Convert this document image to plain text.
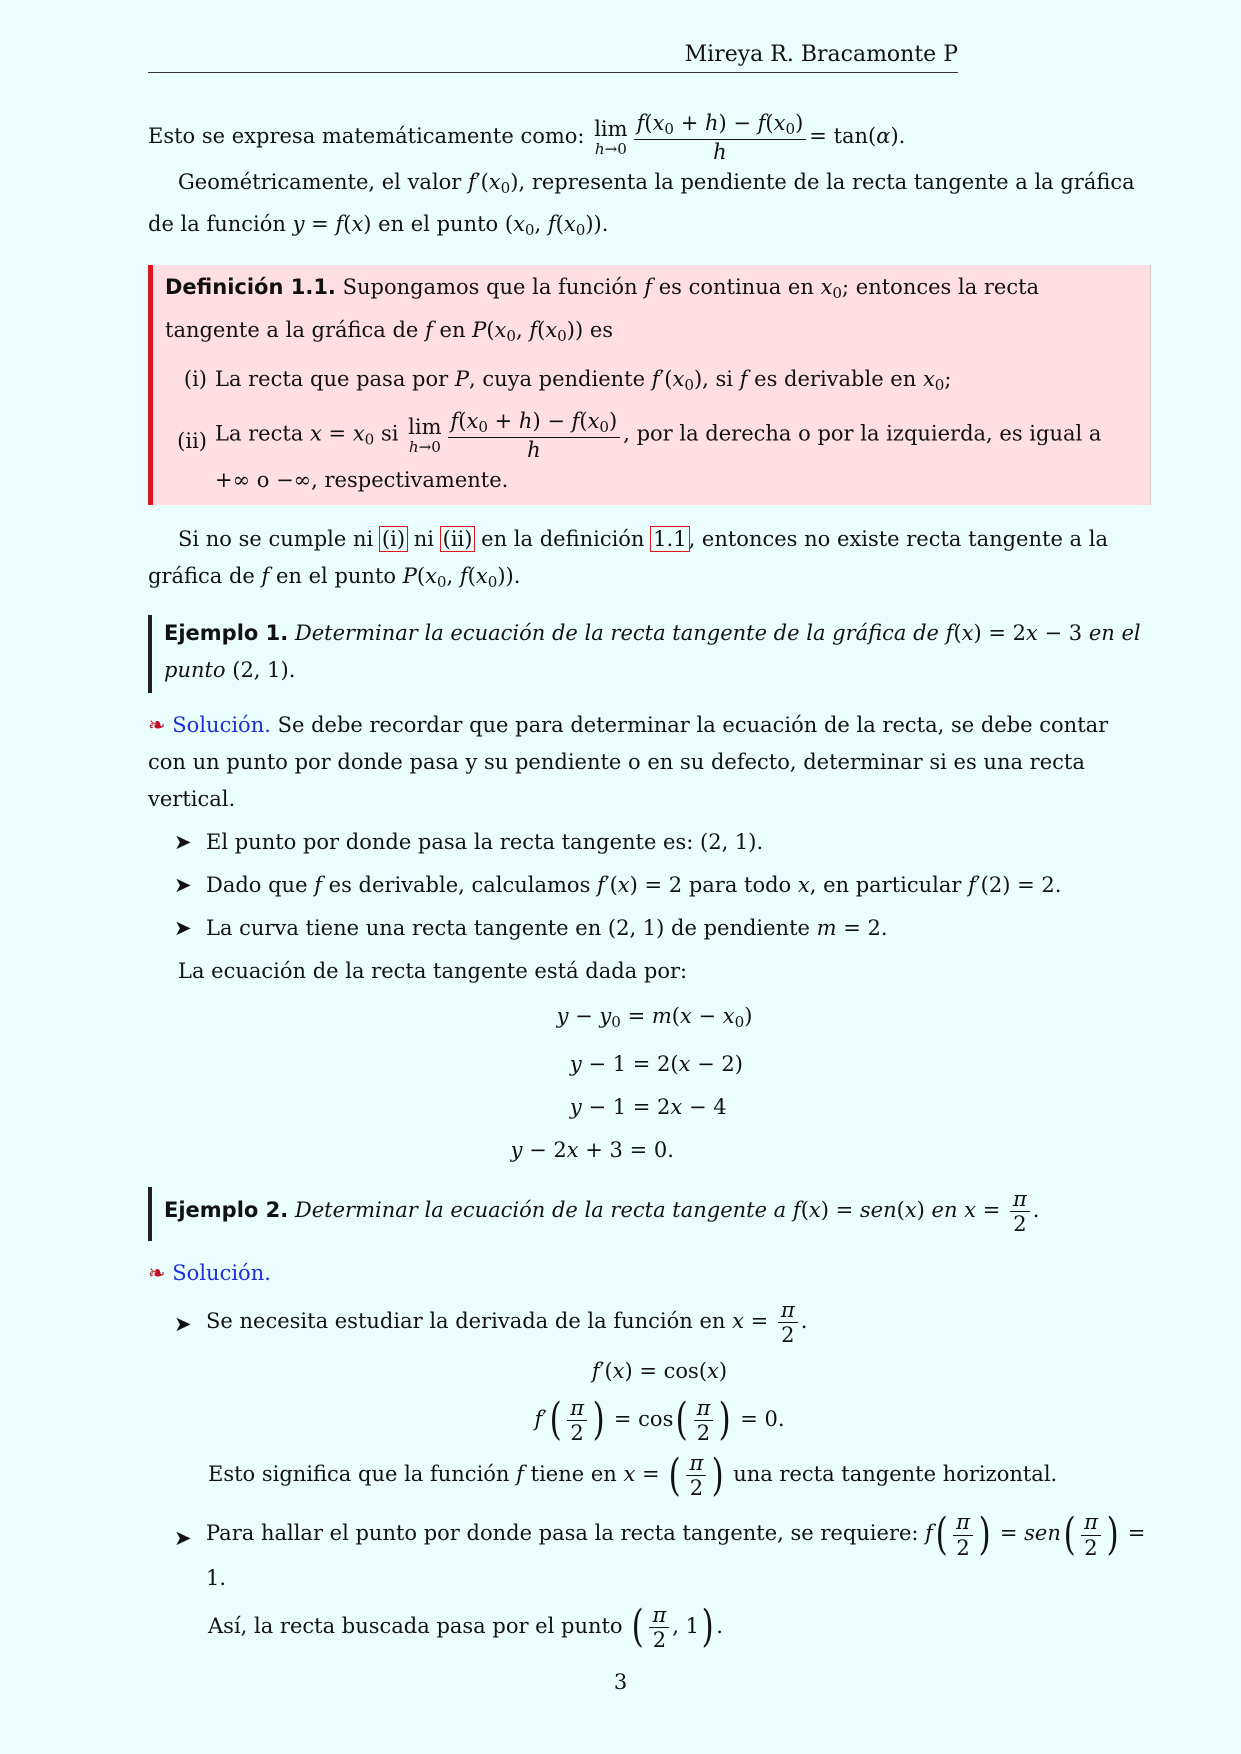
Mireya R. Bracamonte P

Esto se expresa matemáticamente como: lim
$h\to 0 \frac{f(x_0 + h) - f(x_0)}{h} = \tan(\alpha)$.

Geométricamente, el valor $f'(x_0)$, representa la pendiente de la recta tangente a la gráfica de la función y = f(x) en el punto ($x_0$, $f(x_0)$).

Definición 1.1. Supongamos que la función f es continua en $x_0$; entonces la recta tangente a la gráfica de f en $P(x_0$, $f(x_0)$) es

(i) La recta que pasa por P, cuya pendiente $f'(x_0)$, si f es derivable en $x_0$;
(ii) La recta $x = x_0$ si lim
$h\to 0 \frac{f(x_0 + h) - f(x_0)}{h}$ , por la derecha o por la izquierda, es igual a +∞ o −∞, respectivamente.

Si no se cumple ni (i) ni (ii) en la definición 1.1, entonces no existe recta tangente a la gráfica de f en el punto $P(x_0$, $f(x_0)$).

Ejemplo 1. Determinar la ecuación de la recta tangente de la gráfica de f(x) = 2x − 3 en el punto (2, 1).

❧ Solución. Se debe recordar que para determinar la ecuación de la recta, se debe contar con un punto por donde pasa y su pendiente o en su defecto, determinar si es una recta vertical.

➤ El punto por donde pasa la recta tangente es: (2, 1).
➤ Dado que f es derivable, calculamos f′(x) = 2 para todo x, en particular f′(2) = 2.
➤ La curva tiene una recta tangente en (2, 1) de pendiente m = 2.

La ecuación de la recta tangente está dada por:

$y - y_0 = m(x - x_0)$
y − 1 = 2(x − 2)
y − 1 = 2x − 4
y − 2x + 3 = 0.

Ejemplo 2. Determinar la ecuación de la recta tangente a f(x) = sen(x) en $x = \frac{\pi}{2}$ .

❧ Solución.

➤ Se necesita estudiar la derivada de la función en $x = \frac{\pi}{2}$ .
f′(x) = cos(x)
$f'( \frac{\pi}{2}$ ) = $\cos( \frac{\pi}{2}$ ) = 0.

Esto significa que la función f tiene en x = ( $\frac{\pi}{2}$ ) una recta tangente horizontal.

➤ Para hallar el punto por donde pasa la recta tangente, se requiere: $f( \frac{\pi}{2}$ ) = $sen( \frac{\pi}{2}$ ) = 1.

Así, la recta buscada pasa por el punto ( $\frac{\pi}{2}$ , 1) .

3
